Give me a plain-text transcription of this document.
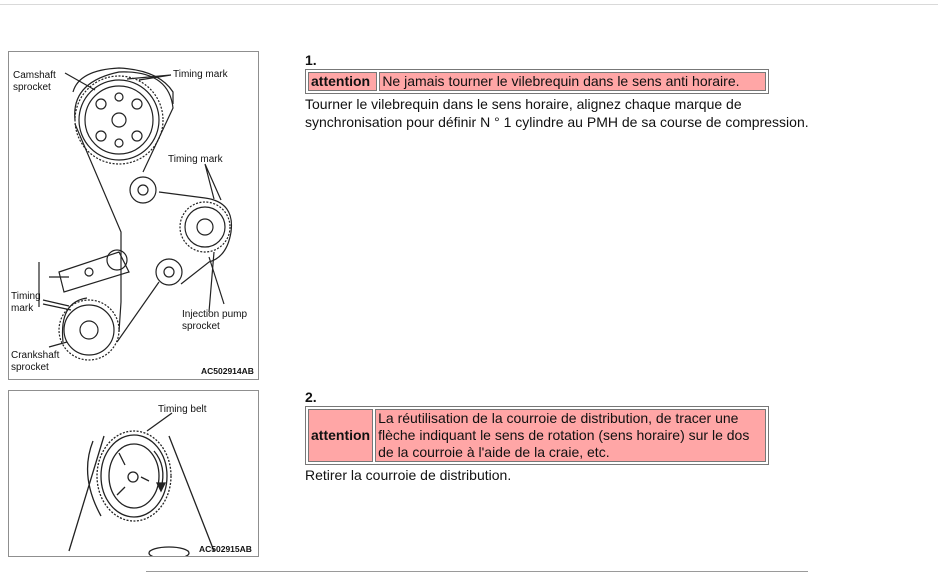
Camshaft
sprocket
Timing mark
Timing mark
Timing
mark
Injection pump
sprocket
Crankshaft
sprocket	AC502914AB
Timing belt
AC502915AB
1.
attention	Ne jamais tourner le vilebrequin dans le sens anti horaire.
Tourner le vilebrequin dans le sens horaire, alignez chaque marque de synchronisation pour définir N ° 1 cylindre au PMH de sa course de compression.
2.
attention	La réutilisation de la courroie de distribution, de tracer une flèche indiquant le sens de rotation (sens horaire) sur le dos de la courroie à l'aide de la craie, etc.
Retirer la courroie de distribution.
